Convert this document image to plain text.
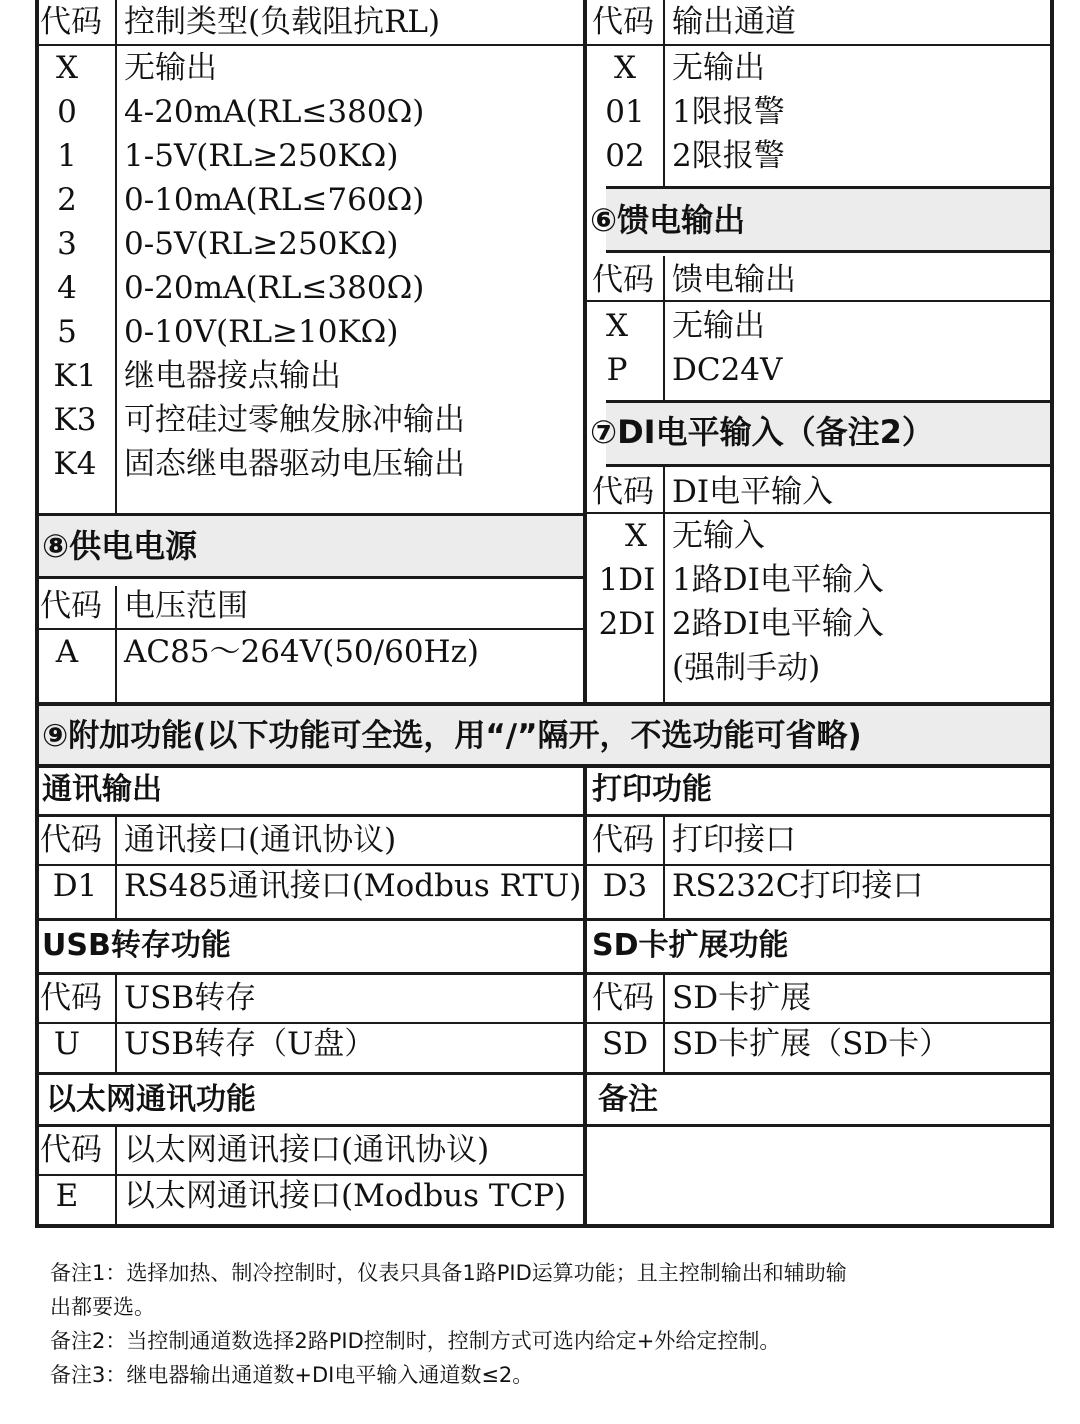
代码 控制类型(负载阻抗RL)
X	无输出
0	4-20mA(RL≤380Ω)
1	1-5V(RL≥250KΩ)
2	0-10mA(RL≤760Ω)
3	0-5V(RL≥250KΩ)
4	0-20mA(RL≤380Ω)
5	0-10V(RL≥10KΩ)
K1 继电器接点输出
K3 可控硅过零触发脉冲输出
K4 固态继电器驱动电压输出
代码 输出通道
X	无输出
01 1限报警
02 2限报警
⑥馈电输出
代码 馈电输出
X	无输出
P	DC24V
⑦DI电平输入（备注2）
代码 DI电平输入
X 无输入
1DI 1路DI电平输入
2DI 2路DI电平输入
(强制手动)
⑧供电电源
代码 电压范围
A	AC85～264V(50/60Hz)
⑨附加功能(以下功能可全选，用“/”隔开，不选功能可省略)
通讯输出
代码 通讯接口(通讯协议)
D1 RS485通讯接口(Modbus RTU)
打印功能
代码 打印接口
D3 RS232C打印接口
USB转存功能
代码 USB转存
U	USB转存（U盘）
SD卡扩展功能
代码 SD卡扩展
SD SD卡扩展（SD卡）
以太网通讯功能
代码 以太网通讯接口(通讯协议)
E	以太网通讯接口(Modbus TCP)
备注
备注1：选择加热、制冷控制时，仪表只具备1路PID运算功能；且主控制输出和辅助输
出都要选。
备注2：当控制通道数选择2路PID控制时，控制方式可选内给定+外给定控制。
备注3：继电器输出通道数+DI电平输入通道数≤2。
